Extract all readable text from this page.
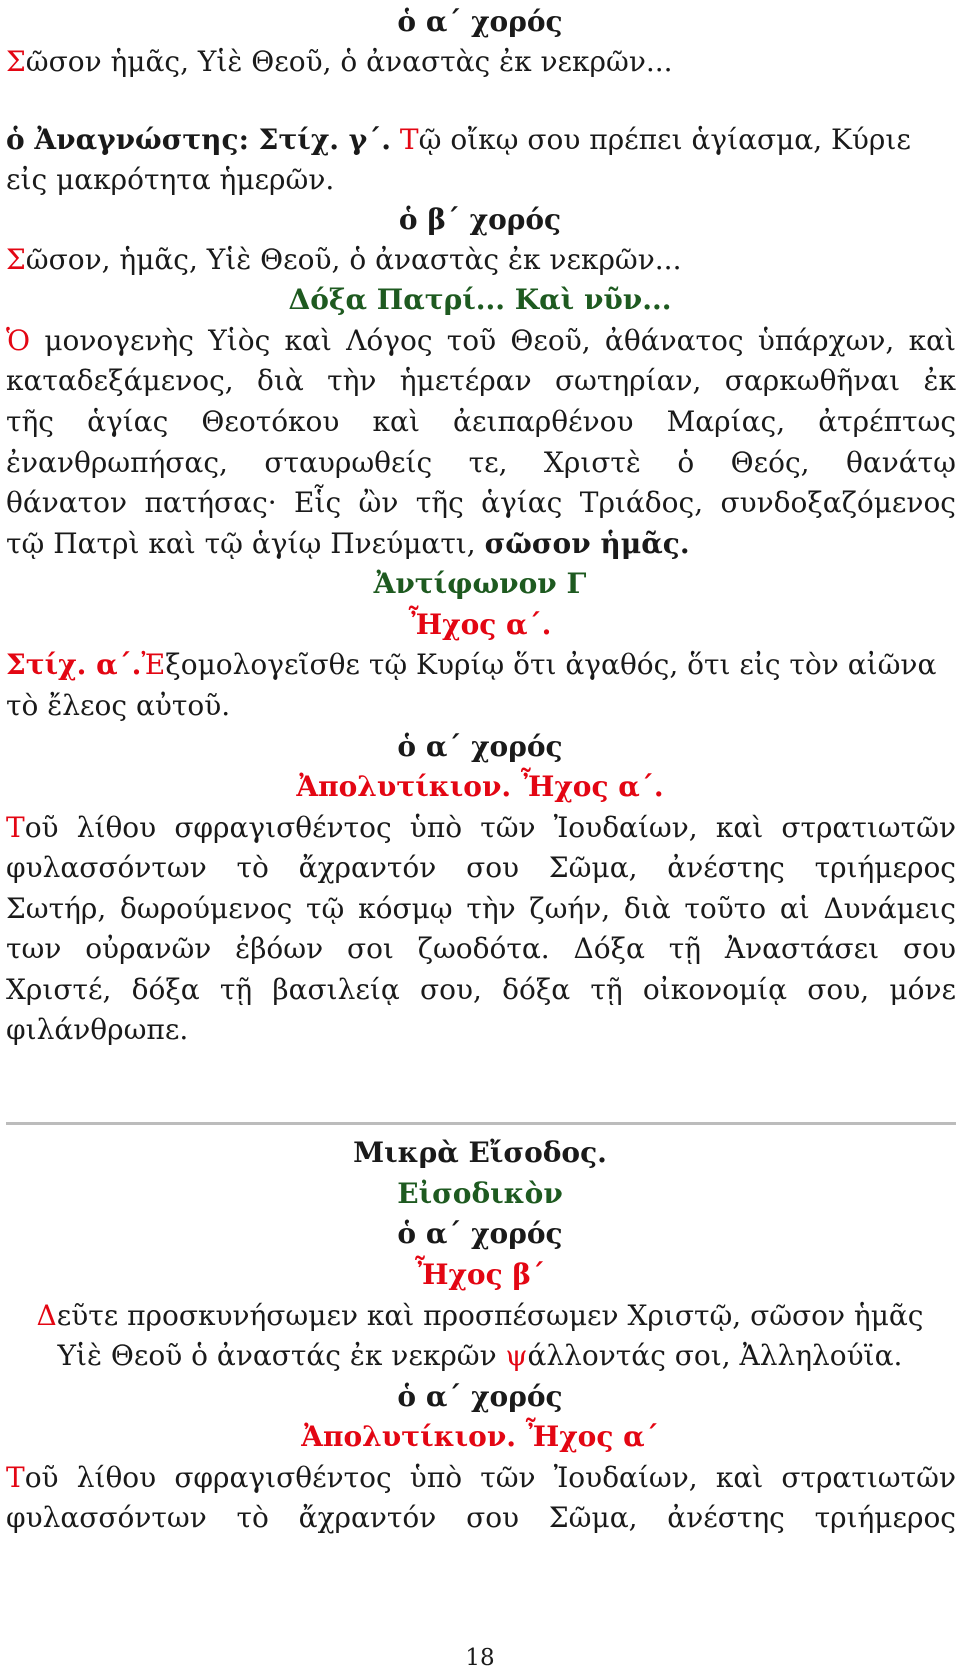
ὁ α΄ χορός
Σῶσον ἡμᾶς, Υἱὲ Θεοῦ, ὁ ἀναστὰς ἐκ νεκρῶν...
ὁ Ἀναγνώστης: Στίχ. γ΄. Τῷ οἴκῳ σου πρέπει ἁγίασμα, Κύριε
εἰς μακρότητα ἡμερῶν.
ὁ β΄ χορός
Σῶσον, ἡμᾶς, Υἱὲ Θεοῦ, ὁ ἀναστὰς ἐκ νεκρῶν...
Δόξα Πατρί... Καὶ νῦν...
Ὁ μονογενὴς Υἱὸς καὶ Λόγος τοῦ Θεοῦ, ἀθάνατος ὑπάρχων, καὶ
καταδεξάμενος, διὰ τὴν ἡμετέραν σωτηρίαν, σαρκωθῆναι ἐκ
τῆς ἁγίας Θεοτόκου καὶ ἀειπαρθένου Μαρίας, ἀτρέπτως
ἐνανθρωπήσας, σταυρωθείς τε, Χριστὲ ὁ Θεός, θανάτῳ
θάνατον πατήσας· Εἷς ὢν τῆς ἁγίας Τριάδος, συνδοξαζόμενος
τῷ Πατρὶ καὶ τῷ ἁγίῳ Πνεύματι, σῶσον ἡμᾶς.
Ἀντίφωνον Γ
Ἦχος α΄.
Στίχ. α΄.Ἐξομολογεῖσθε τῷ Κυρίῳ ὅτι ἀγαθός, ὅτι εἰς τὸν αἰῶνα
τὸ ἔλεος αὐτοῦ.
ὁ α΄ χορός
Ἀπολυτίκιον. Ἦχος α΄.
Τοῦ λίθου σφραγισθέντος ὑπὸ τῶν Ἰουδαίων, καὶ στρατιωτῶν
φυλασσόντων τὸ ἄχραντόν σου Σῶμα, ἀνέστης τριήμερος
Σωτήρ, δωρούμενος τῷ κόσμῳ τὴν ζωήν, διὰ τοῦτο αἱ Δυνάμεις
των οὐρανῶν ἐβόων σοι ζωοδότα. Δόξα τῇ Ἀναστάσει σου
Χριστέ, δόξα τῇ βασιλείᾳ σου, δόξα τῇ οἰκονομίᾳ σου, μόνε
φιλάνθρωπε.
Μικρὰ Εἴσοδος.
Εἰσοδικὸν
ὁ α΄ χορός
Ἦχος β΄
Δεῦτε προσκυνήσωμεν καὶ προσπέσωμεν Χριστῷ, σῶσον ἡμᾶς
Υἱὲ Θεοῦ ὁ ἀναστάς ἐκ νεκρῶν ψάλλοντάς σοι, Ἀλληλούϊα.
ὁ α΄ χορός
Ἀπολυτίκιον. Ἦχος α΄
Τοῦ λίθου σφραγισθέντος ὑπὸ τῶν Ἰουδαίων, καὶ στρατιωτῶν
φυλασσόντων τὸ ἄχραντόν σου Σῶμα, ἀνέστης τριήμερος
18
